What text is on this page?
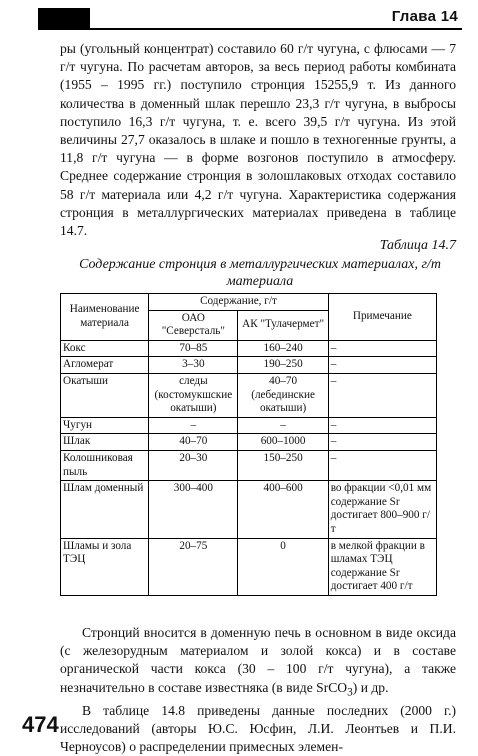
Глава 14

ры (угольный концентрат) составило 60 г/т чугуна, с флюсами — 7 г/т чугуна. По расчетам авторов, за весь период работы комбината (1955 – 1995 гг.) поступило стронция 15255,9 т. Из данного количества в доменный шлак перешло 23,3 г/т чугуна, в выбросы поступило 16,3 г/т чугуна, т. е. всего 39,5 г/т чугуна. Из этой величины 27,7 оказалось в шлаке и пошло в техногенные грунты, а 11,8 г/т чугуна — в форме возгонов поступило в атмосферу. Среднее содержание стронция в золошлаковых отходах составило 58 г/т материала или 4,2 г/т чугуна. Характеристика содержания стронция в металлургических материалах приведена в таблице 14.7.

Таблица 14.7
Содержание стронция в металлургических материалах, г/т материала
Наименование материала	Содержание, г/т		Примечание
	ОАО "Северсталь"	АК "Тулачермет"	
Кокс	70–85	160–240	–
Агломерат	3–30	190–250	–
Окатыши	следы (костомукшские окатыши)	40–70 (лебединские окатыши)	–
Чугун	–	–	–
Шлак	40–70	600–1000	–
Колошниковая пыль	20–30	150–250	–
Шлам доменный	300–400	400–600	во фракции <0,01 мм содержание Sr достигает 800–900 г/т
Шламы и зола ТЭЦ	20–75	0	в мелкой фракции в шламах ТЭЦ содержание Sr достигает 400 г/т

Стронций вносится в доменную печь в основном в виде оксида (с железорудным материалом и золой кокса) и в составе органической части кокса (30 – 100 г/т чугуна), а также незначительно в составе известняка (в виде SrCO$_3$) и др.

В таблице 14.8 приведены данные последних (2000 г.) исследований (авторы Ю.С. Юсфин, Л.И. Леонтьев и П.И. Черноусов) о распределении примесных элемен-

474
